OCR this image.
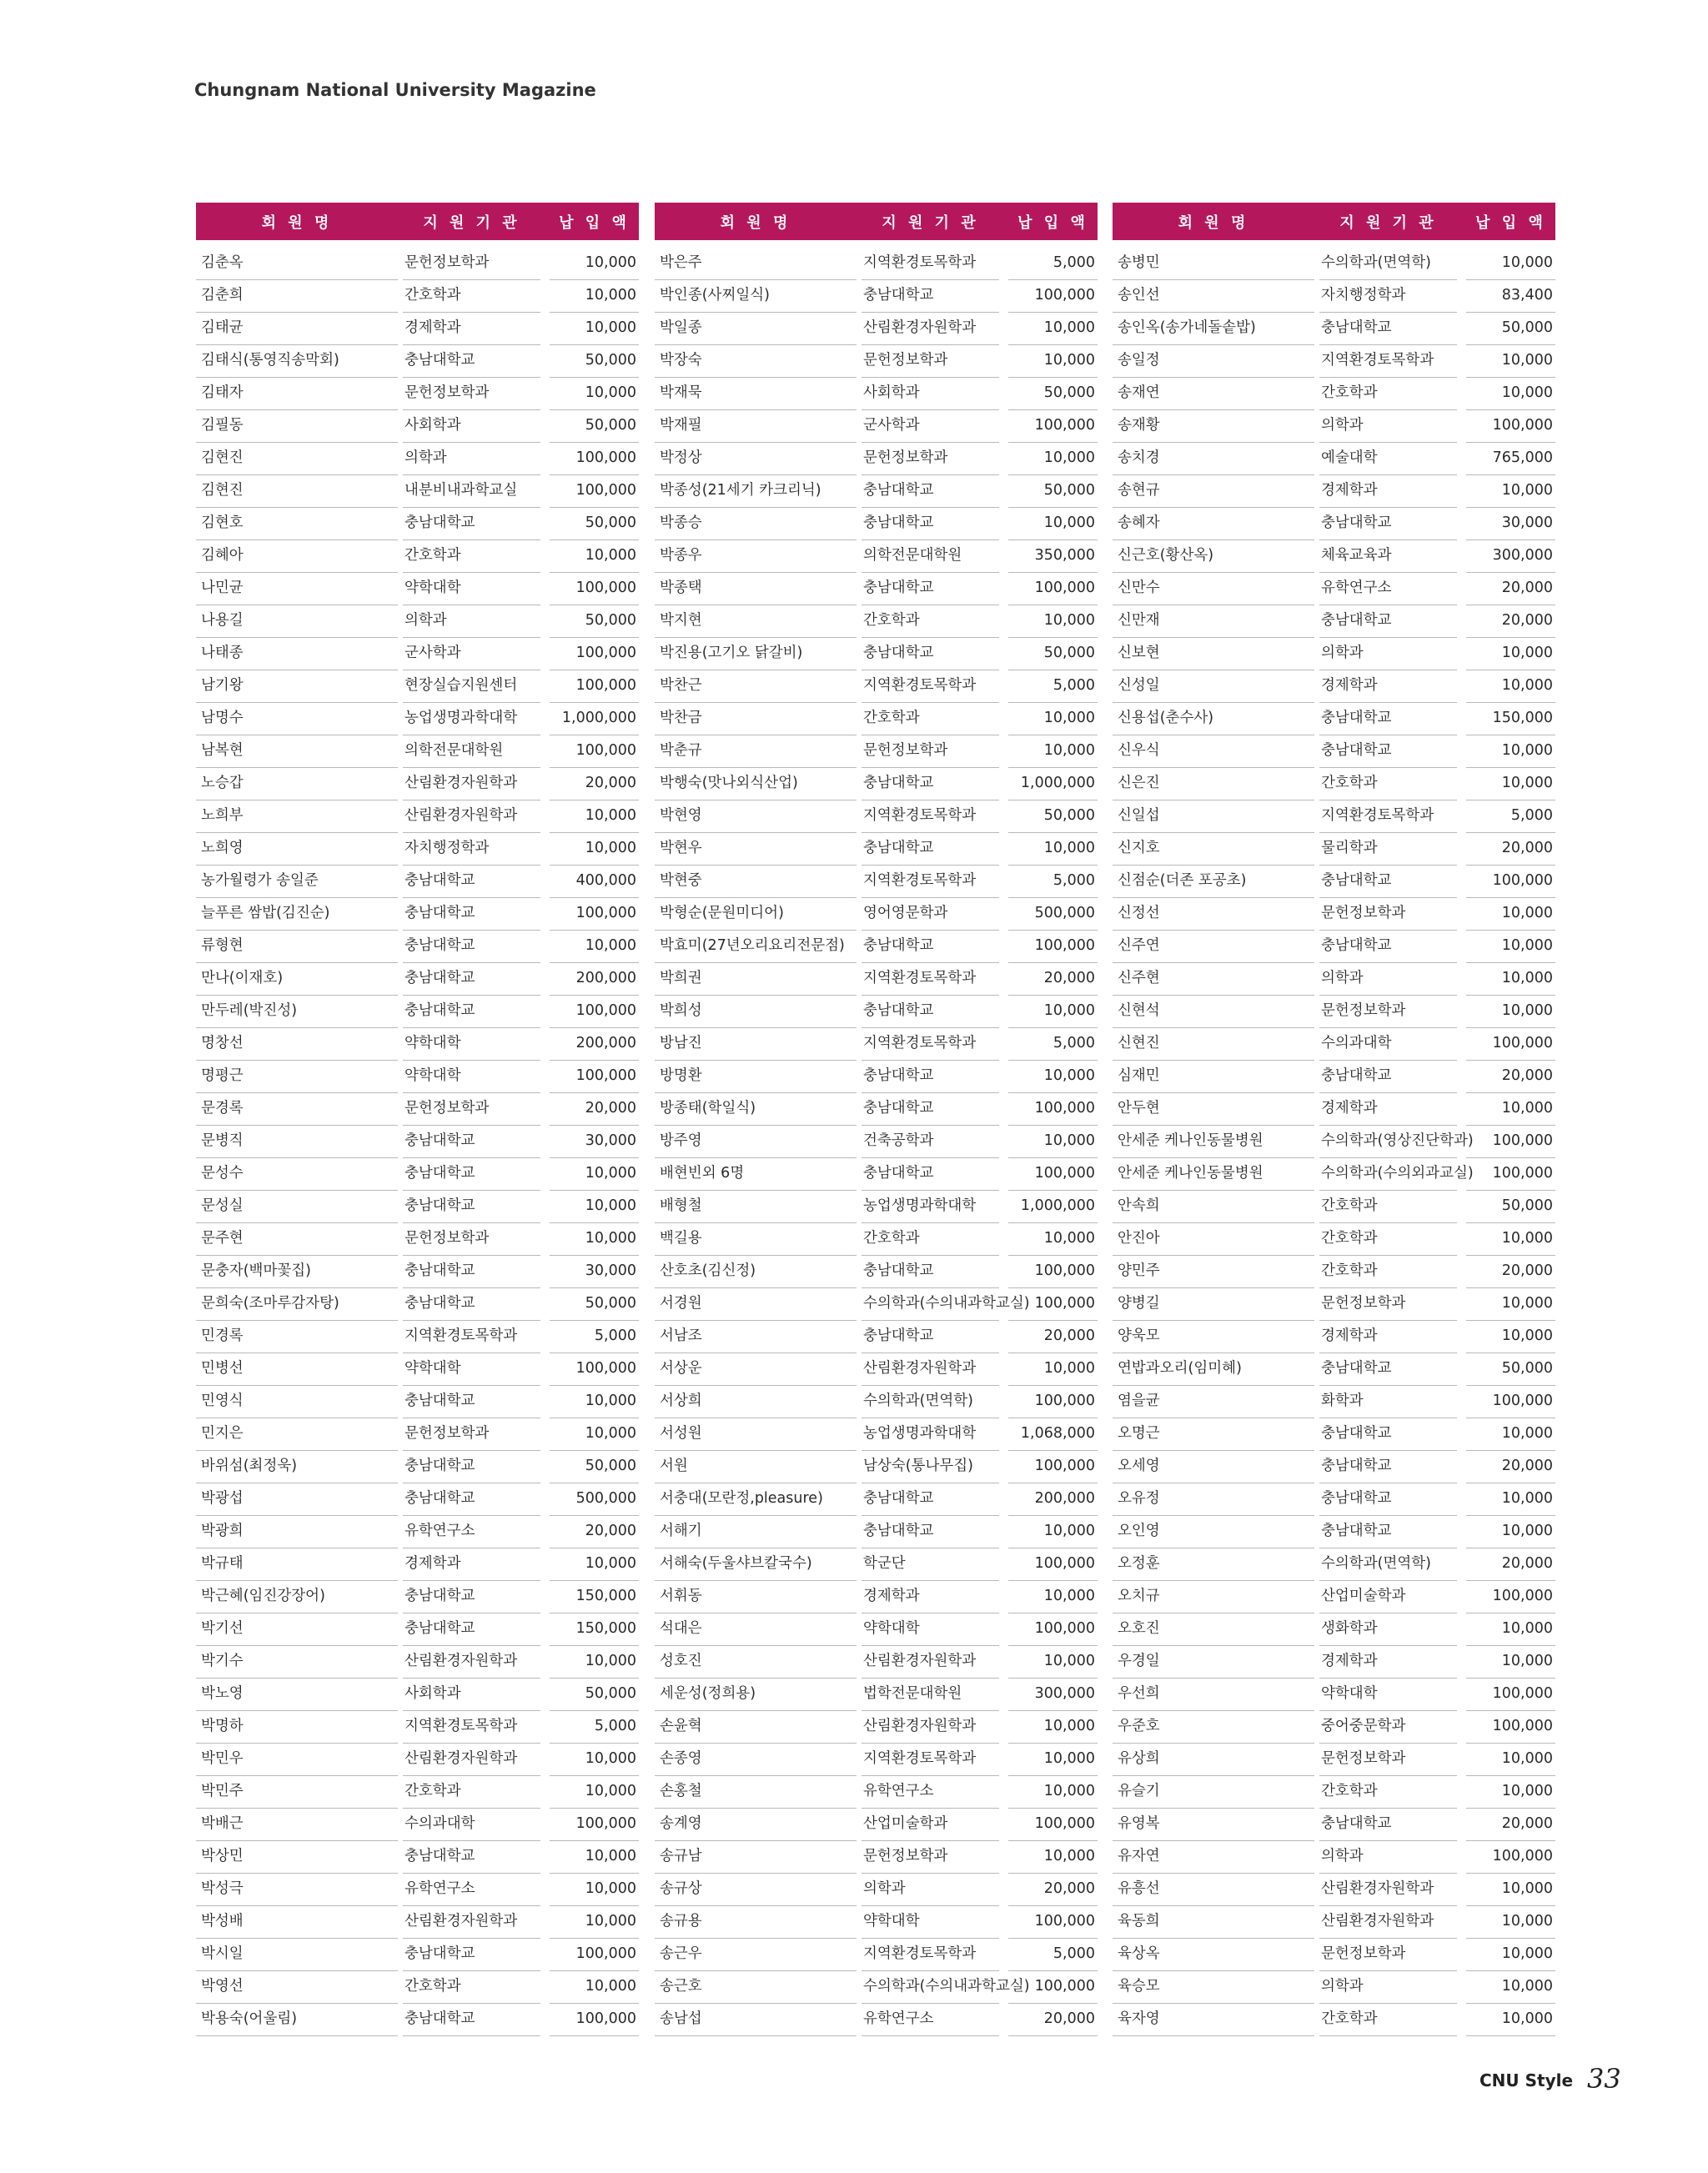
Chungnam National University Magazine
회 원 명	지 원 기 관	납 입 액
김춘옥	문헌정보학과	10,000
김춘희	간호학과	10,000
김태균	경제학과	10,000
김태식(통영직송막회)	충남대학교	50,000
김태자	문헌정보학과	10,000
김필동	사회학과	50,000
김현진	의학과	100,000
김현진	내분비내과학교실	100,000
김현호	충남대학교	50,000
김혜아	간호학과	10,000
나민균	약학대학	100,000
나용길	의학과	50,000
나태종	군사학과	100,000
남기왕	현장실습지원센터	100,000
남명수	농업생명과학대학	1,000,000
남복현	의학전문대학원	100,000
노승갑	산림환경자원학과	20,000
노희부	산림환경자원학과	10,000
노희영	자치행정학과	10,000
농가월령가 송일준	충남대학교	400,000
늘푸른 쌈밥(김진순)	충남대학교	100,000
류형현	충남대학교	10,000
만나(이재호)	충남대학교	200,000
만두레(박진성)	충남대학교	100,000
명창선	약학대학	200,000
명평근	약학대학	100,000
문경록	문헌정보학과	20,000
문병직	충남대학교	30,000
문성수	충남대학교	10,000
문성실	충남대학교	10,000
문주현	문헌정보학과	10,000
문충자(백마꽃집)	충남대학교	30,000
문희숙(조마루감자탕)	충남대학교	50,000
민경록	지역환경토목학과	5,000
민병선	약학대학	100,000
민영식	충남대학교	10,000
민지은	문헌정보학과	10,000
바위섬(최정욱)	충남대학교	50,000
박광섭	충남대학교	500,000
박광희	유학연구소	20,000
박규태	경제학과	10,000
박근혜(임진강장어)	충남대학교	150,000
박기선	충남대학교	150,000
박기수	산림환경자원학과	10,000
박노영	사회학과	50,000
박명하	지역환경토목학과	5,000
박민우	산림환경자원학과	10,000
박민주	간호학과	10,000
박배근	수의과대학	100,000
박상민	충남대학교	10,000
박성극	유학연구소	10,000
박성배	산림환경자원학과	10,000
박시일	충남대학교	100,000
박영선	간호학과	10,000
박용숙(어울림)	충남대학교	100,000
회 원 명	지 원 기 관	납 입 액
박은주	지역환경토목학과	5,000
박인종(사찌일식)	충남대학교	100,000
박일종	산림환경자원학과	10,000
박장숙	문헌정보학과	10,000
박재묵	사회학과	50,000
박재필	군사학과	100,000
박정상	문헌정보학과	10,000
박종성(21세기 카크리닉)	충남대학교	50,000
박종승	충남대학교	10,000
박종우	의학전문대학원	350,000
박종택	충남대학교	100,000
박지현	간호학과	10,000
박진용(고기오 닭갈비)	충남대학교	50,000
박찬근	지역환경토목학과	5,000
박찬금	간호학과	10,000
박춘규	문헌정보학과	10,000
박행숙(맛나외식산업)	충남대학교	1,000,000
박현영	지역환경토목학과	50,000
박현우	충남대학교	10,000
박현중	지역환경토목학과	5,000
박형순(문원미디어)	영어영문학과	500,000
박효미(27년오리요리전문점)	충남대학교	100,000
박희권	지역환경토목학과	20,000
박희성	충남대학교	10,000
방남진	지역환경토목학과	5,000
방명환	충남대학교	10,000
방종태(학일식)	충남대학교	100,000
방주영	건축공학과	10,000
배현빈외 6명	충남대학교	100,000
배형철	농업생명과학대학	1,000,000
백길용	간호학과	10,000
산호초(김신정)	충남대학교	100,000
서경원	수의학과(수의내과학교실) 100,000
서남조	충남대학교	20,000
서상운	산림환경자원학과	10,000
서상희	수의학과(면역학)	100,000
서성원	농업생명과학대학	1,068,000
서원	남상숙(통나무집)	100,000
서충대(모란정,pleasure)	충남대학교	200,000
서해기	충남대학교	10,000
서해숙(두울샤브칼국수)	학군단	100,000
서휘동	경제학과	10,000
석대은	약학대학	100,000
성호진	산림환경자원학과	10,000
세운성(정희용)	법학전문대학원	300,000
손윤혁	산림환경자원학과	10,000
손종영	지역환경토목학과	10,000
손홍철	유학연구소	10,000
송계영	산업미술학과	100,000
송규남	문헌정보학과	10,000
송규상	의학과	20,000
송규용	약학대학	100,000
송근우	지역환경토목학과	5,000
송근호	수의학과(수의내과학교실) 100,000
송남섭	유학연구소	20,000
회 원 명	지 원 기 관	납 입 액
송병민	수의학과(면역학)	10,000
송인선	자치행정학과	83,400
송인옥(송가네돌솥밥)	충남대학교	50,000
송일정	지역환경토목학과	10,000
송재연	간호학과	10,000
송재황	의학과	100,000
송치경	예술대학	765,000
송현규	경제학과	10,000
송혜자	충남대학교	30,000
신근호(황산옥)	체육교육과	300,000
신만수	유학연구소	20,000
신만재	충남대학교	20,000
신보현	의학과	10,000
신성일	경제학과	10,000
신용섭(춘수사)	충남대학교	150,000
신우식	충남대학교	10,000
신은진	간호학과	10,000
신일섭	지역환경토목학과	5,000
신지호	물리학과	20,000
신점순(더존 포공초)	충남대학교	100,000
신정선	문헌정보학과	10,000
신주연	충남대학교	10,000
신주현	의학과	10,000
신현석	문헌정보학과	10,000
신현진	수의과대학	100,000
심재민	충남대학교	20,000
안두현	경제학과	10,000
안세준 케나인동물병원	수의학과(영상진단학과)	100,000
안세준 케나인동물병원	수의학과(수의외과교실)	100,000
안속희	간호학과	50,000
안진아	간호학과	10,000
양민주	간호학과	20,000
양병길	문헌정보학과	10,000
양욱모	경제학과	10,000
연밥과오리(임미혜)	충남대학교	50,000
염을균	화학과	100,000
오명근	충남대학교	10,000
오세영	충남대학교	20,000
오유정	충남대학교	10,000
오인영	충남대학교	10,000
오정훈	수의학과(면역학)	20,000
오치규	산업미술학과	100,000
오호진	생화학과	10,000
우경일	경제학과	10,000
우선희	약학대학	100,000
우준호	중어중문학과	100,000
유상희	문헌정보학과	10,000
유슬기	간호학과	10,000
유영복	충남대학교	20,000
유자연	의학과	100,000
유흥선	산림환경자원학과	10,000
육동희	산림환경자원학과	10,000
육상옥	문헌정보학과	10,000
육승모	의학과	10,000
육자영	간호학과	10,000
CNU Style 33
